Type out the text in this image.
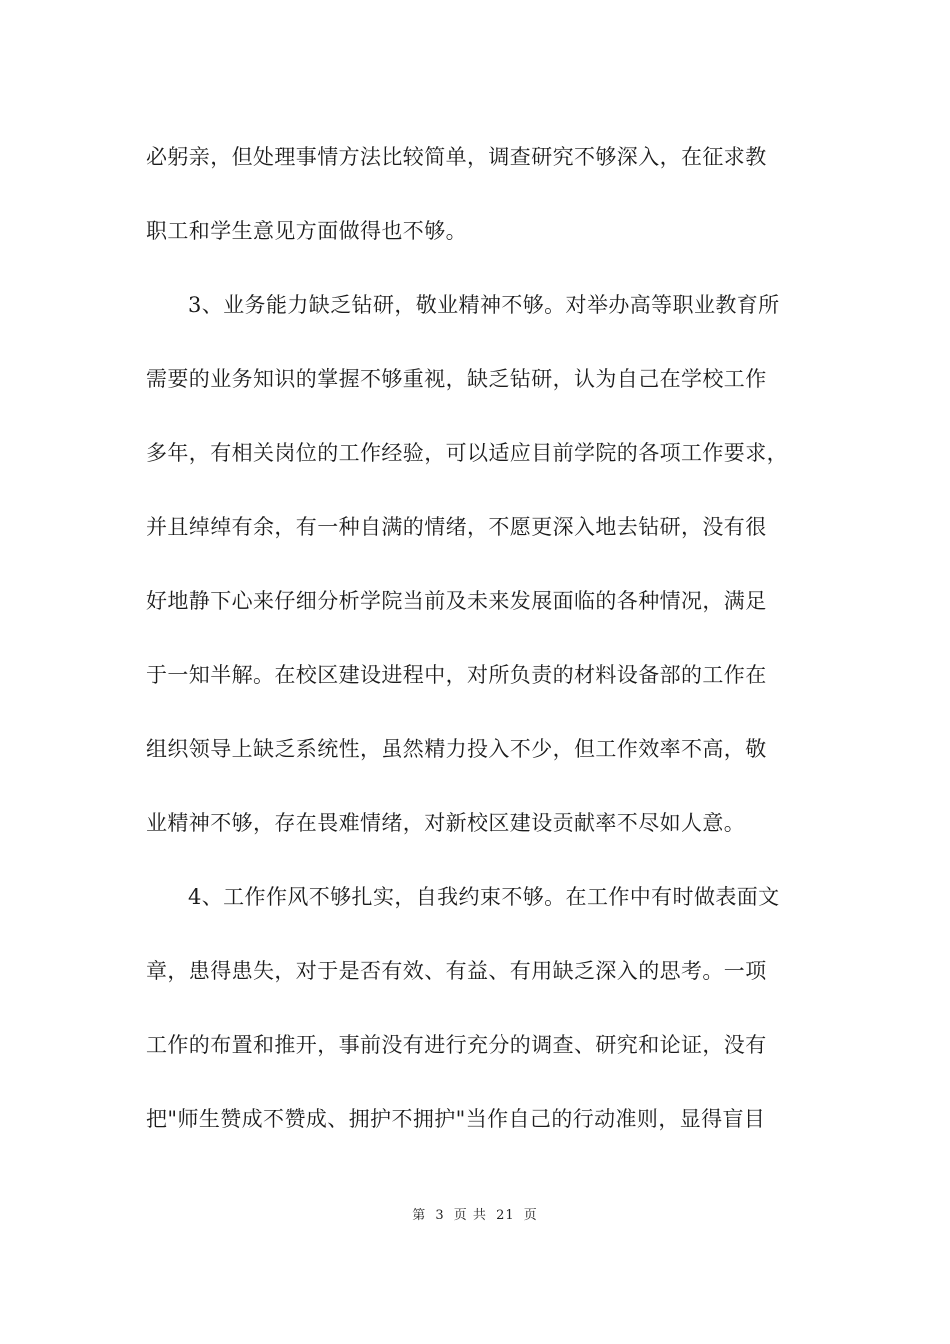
必躬亲，但处理事情方法比较简单，调查研究不够深入，在征求教
职工和学生意见方面做得也不够。
3、业务能力缺乏钻研，敬业精神不够。对举办高等职业教育所
需要的业务知识的掌握不够重视，缺乏钻研，认为自己在学校工作
多年，有相关岗位的工作经验，可以适应目前学院的各项工作要求，
并且绰绰有余，有一种自满的情绪，不愿更深入地去钻研，没有很
好地静下心来仔细分析学院当前及未来发展面临的各种情况，满足
于一知半解。在校区建设进程中，对所负责的材料设备部的工作在
组织领导上缺乏系统性，虽然精力投入不少，但工作效率不高，敬
业精神不够，存在畏难情绪，对新校区建设贡献率不尽如人意。
4、工作作风不够扎实，自我约束不够。在工作中有时做表面文
章，患得患失，对于是否有效、有益、有用缺乏深入的思考。一项
工作的布置和推开，事前没有进行充分的调查、研究和论证，没有
把"师生赞成不赞成、拥护不拥护"当作自己的行动准则，显得盲目
第 3 页 共 21 页
